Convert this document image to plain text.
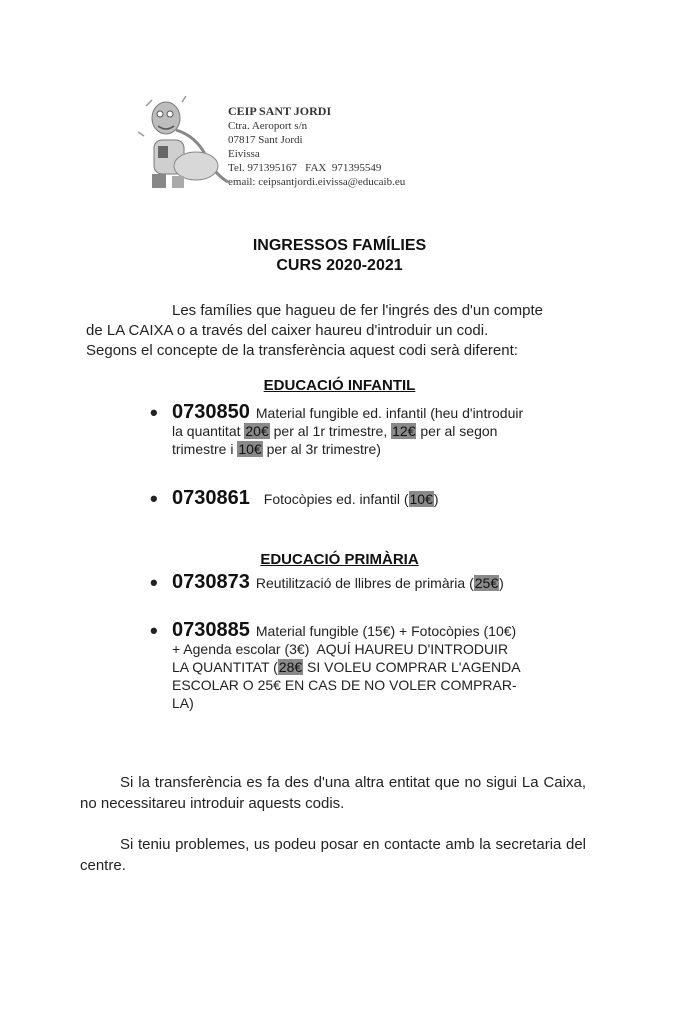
CEIP SANT JORDI
Ctra. Aeroport s/n
07817 Sant Jordi
Eivissa
Tel. 971395167   FAX  971395549
email: ceipsantjordi.eivissa@educaib.eu
INGRESSOS FAMÍLIES
CURS 2020-2021
Les famílies que hagueu de fer l'ingrés des d'un compte
de LA CAIXA o a través del caixer haureu d'introduir un codi.
Segons el concepte de la transferència aquest codi serà diferent:
EDUCACIÓ INFANTIL
• 0730850 Material fungible ed. infantil (heu d'introduir
la quantitat 20€ per al 1r trimestre, 12€ per al segon
trimestre i 10€ per al 3r trimestre)
• 0730861 Fotocòpies ed. infantil (10€)
EDUCACIÓ PRIMÀRIA
• 0730873 Reutilització de llibres de primària (25€)
• 0730885 Material fungible (15€) + Fotocòpies (10€)
+ Agenda escolar (3€)  AQUÍ HAUREU D'INTRODUIR
LA QUANTITAT (28€ SI VOLEU COMPRAR L'AGENDA
ESCOLAR O 25€ EN CAS DE NO VOLER COMPRAR-
LA)

Si la transferència es fa des d'una altra entitat que no sigui La Caixa, no necessitareu introduir aquests codis.

Si teniu problemes, us podeu posar en contacte amb la secretaria del centre.
